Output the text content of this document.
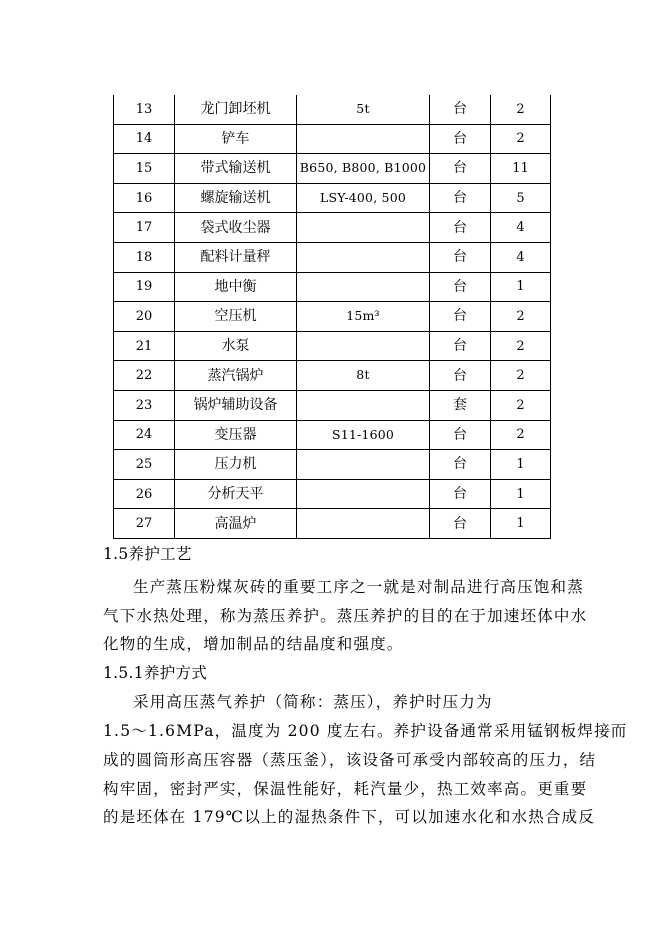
13	龙门卸坯机	5t	台	2
14	铲车		台	2
15	带式输送机	B650, B800, B1000	台	11
16	螺旋输送机	LSY-400, 500	台	5
17	袋式收尘器		台	4
18	配料计量秤		台	4
19	地中衡		台	1
20	空压机	15m³	台	2
21	水泵		台	2
22	蒸汽锅炉	8t	台	2
23	锅炉辅助设备		套	2
24	变压器	S11-1600	台	2
25	压力机		台	1
26	分析天平		台	1
27	高温炉		台	1
1.5养护工艺
生产蒸压粉煤灰砖的重要工序之一就是对制品进行高压饱和蒸
气下水热处理，称为蒸压养护。蒸压养护的目的在于加速坯体中水
化物的生成，增加制品的结晶度和强度。
1.5.1养护方式
采用高压蒸气养护（简称：蒸压），养护时压力为
1.5～1.6MPa，温度为 200 度左右。养护设备通常采用锰钢板焊接而
成的圆筒形高压容器（蒸压釜），该设备可承受内部较高的压力，结
构牢固，密封严实，保温性能好，耗汽量少，热工效率高。更重要
的是坯体在 179℃以上的湿热条件下，可以加速水化和水热合成反
